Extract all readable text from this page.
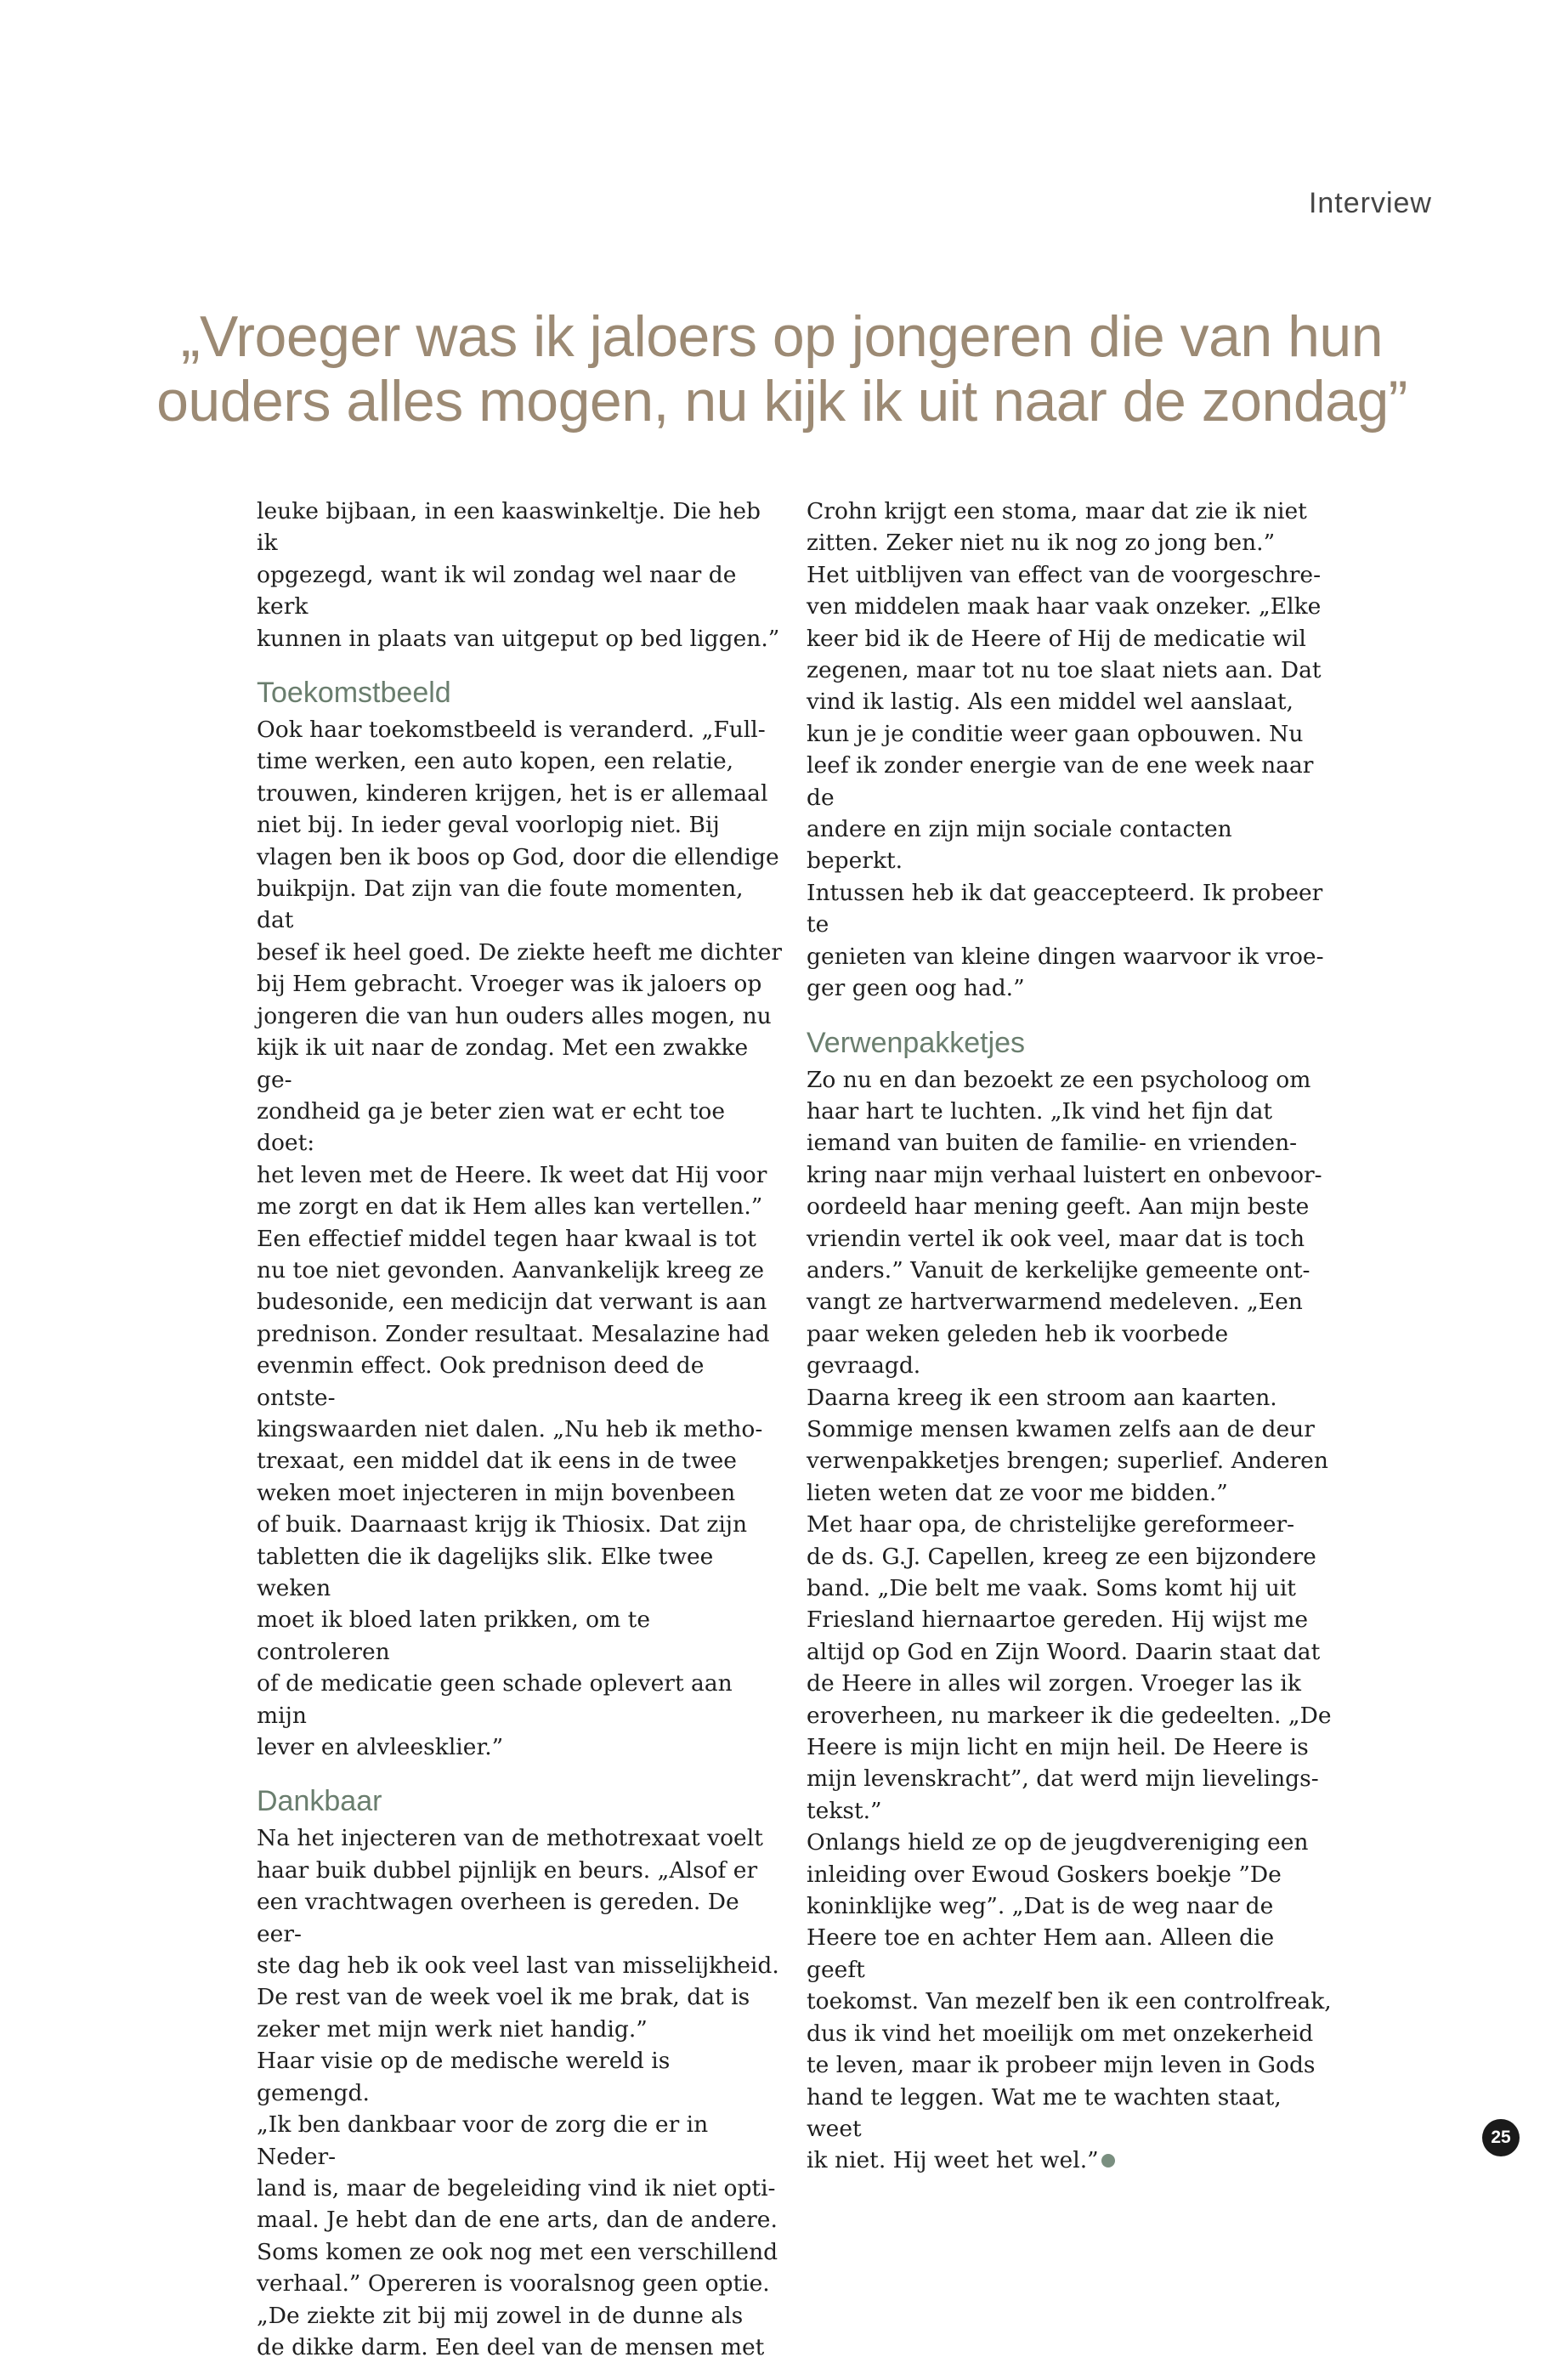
Interview
„Vroeger was ik jaloers op jongeren die van hun ouders alles mogen, nu kijk ik uit naar de zondag”

leuke bijbaan, in een kaaswinkeltje. Die heb ik
opgezegd, want ik wil zondag wel naar de kerk
kunnen in plaats van uitgeput op bed liggen.”

Toekomstbeeld

Ook haar toekomstbeeld is veranderd. „Full-
time werken, een auto kopen, een relatie,
trouwen, kinderen krijgen, het is er allemaal
niet bij. In ieder geval voorlopig niet. Bij
vlagen ben ik boos op God, door die ellendige
buikpijn. Dat zijn van die foute momenten, dat
besef ik heel goed. De ziekte heeft me dichter
bij Hem gebracht. Vroeger was ik jaloers op
jongeren die van hun ouders alles mogen, nu
kijk ik uit naar de zondag. Met een zwakke ge-
zondheid ga je beter zien wat er echt toe doet:
het leven met de Heere. Ik weet dat Hij voor
me zorgt en dat ik Hem alles kan vertellen.”
Een effectief middel tegen haar kwaal is tot
nu toe niet gevonden. Aanvankelijk kreeg ze
budesonide, een medicijn dat verwant is aan
prednison. Zonder resultaat. Mesalazine had
evenmin effect. Ook prednison deed de ontste-
kingswaarden niet dalen. „Nu heb ik metho-
trexaat, een middel dat ik eens in de twee
weken moet injecteren in mijn bovenbeen
of buik. Daarnaast krijg ik Thiosix. Dat zijn
tabletten die ik dagelijks slik. Elke twee weken
moet ik bloed laten prikken, om te controleren
of de medicatie geen schade oplevert aan mijn
lever en alvleesklier.”

Dankbaar

Na het injecteren van de methotrexaat voelt
haar buik dubbel pijnlijk en beurs. „Alsof er
een vrachtwagen overheen is gereden. De eer-
ste dag heb ik ook veel last van misselijkheid.
De rest van de week voel ik me brak, dat is
zeker met mijn werk niet handig.”
Haar visie op de medische wereld is gemengd.
„Ik ben dankbaar voor de zorg die er in Neder-
land is, maar de begeleiding vind ik niet opti-
maal. Je hebt dan de ene arts, dan de andere.
Soms komen ze ook nog met een verschillend
verhaal.” Opereren is vooralsnog geen optie.
„De ziekte zit bij mij zowel in de dunne als
de dikke darm. Een deel van de mensen met

Crohn krijgt een stoma, maar dat zie ik niet
zitten. Zeker niet nu ik nog zo jong ben.”
Het uitblijven van effect van de voorgeschre-
ven middelen maak haar vaak onzeker. „Elke
keer bid ik de Heere of Hij de medicatie wil
zegenen, maar tot nu toe slaat niets aan. Dat
vind ik lastig. Als een middel wel aanslaat,
kun je je conditie weer gaan opbouwen. Nu
leef ik zonder energie van de ene week naar de
andere en zijn mijn sociale contacten beperkt.
Intussen heb ik dat geaccepteerd. Ik probeer te
genieten van kleine dingen waarvoor ik vroe-
ger geen oog had.”

Verwenpakketjes

Zo nu en dan bezoekt ze een psycholoog om
haar hart te luchten. „Ik vind het fijn dat
iemand van buiten de familie- en vrienden-
kring naar mijn verhaal luistert en onbevoor-
oordeeld haar mening geeft. Aan mijn beste
vriendin vertel ik ook veel, maar dat is toch
anders.” Vanuit de kerkelijke gemeente ont-
vangt ze hartverwarmend medeleven. „Een
paar weken geleden heb ik voorbede gevraagd.
Daarna kreeg ik een stroom aan kaarten.
Sommige mensen kwamen zelfs aan de deur
verwenpakketjes brengen; superlief. Anderen
lieten weten dat ze voor me bidden.”
Met haar opa, de christelijke gereformeer-
de ds. G.J. Capellen, kreeg ze een bijzondere
band. „Die belt me vaak. Soms komt hij uit
Friesland hiernaartoe gereden. Hij wijst me
altijd op God en Zijn Woord. Daarin staat dat
de Heere in alles wil zorgen. Vroeger las ik
eroverheen, nu markeer ik die gedeelten. „De
Heere is mijn licht en mijn heil. De Heere is
mijn levenskracht”, dat werd mijn lievelings-
tekst.”
Onlangs hield ze op de jeugdvereniging een
inleiding over Ewoud Goskers boekje ”De
koninklijke weg”. „Dat is de weg naar de
Heere toe en achter Hem aan. Alleen die geeft
toekomst. Van mezelf ben ik een controlfreak,
dus ik vind het moeilijk om met onzekerheid
te leven, maar ik probeer mijn leven in Gods
hand te leggen. Wat me te wachten staat, weet
ik niet. Hij weet het wel.”

25
